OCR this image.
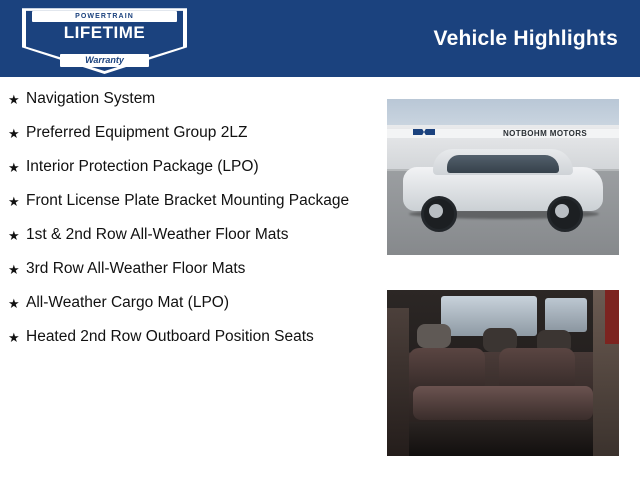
POWERTRAIN
LIFETIME
Warranty
Vehicle Highlights
★ Navigation System
★ Preferred Equipment Group 2LZ
★ Interior Protection Package (LPO)
★ Front License Plate Bracket Mounting Package
★ 1st & 2nd Row All-Weather Floor Mats
★ 3rd Row All-Weather Floor Mats
★ All-Weather Cargo Mat (LPO)
★ Heated 2nd Row Outboard Position Seats
NOTBOHM MOTORS
